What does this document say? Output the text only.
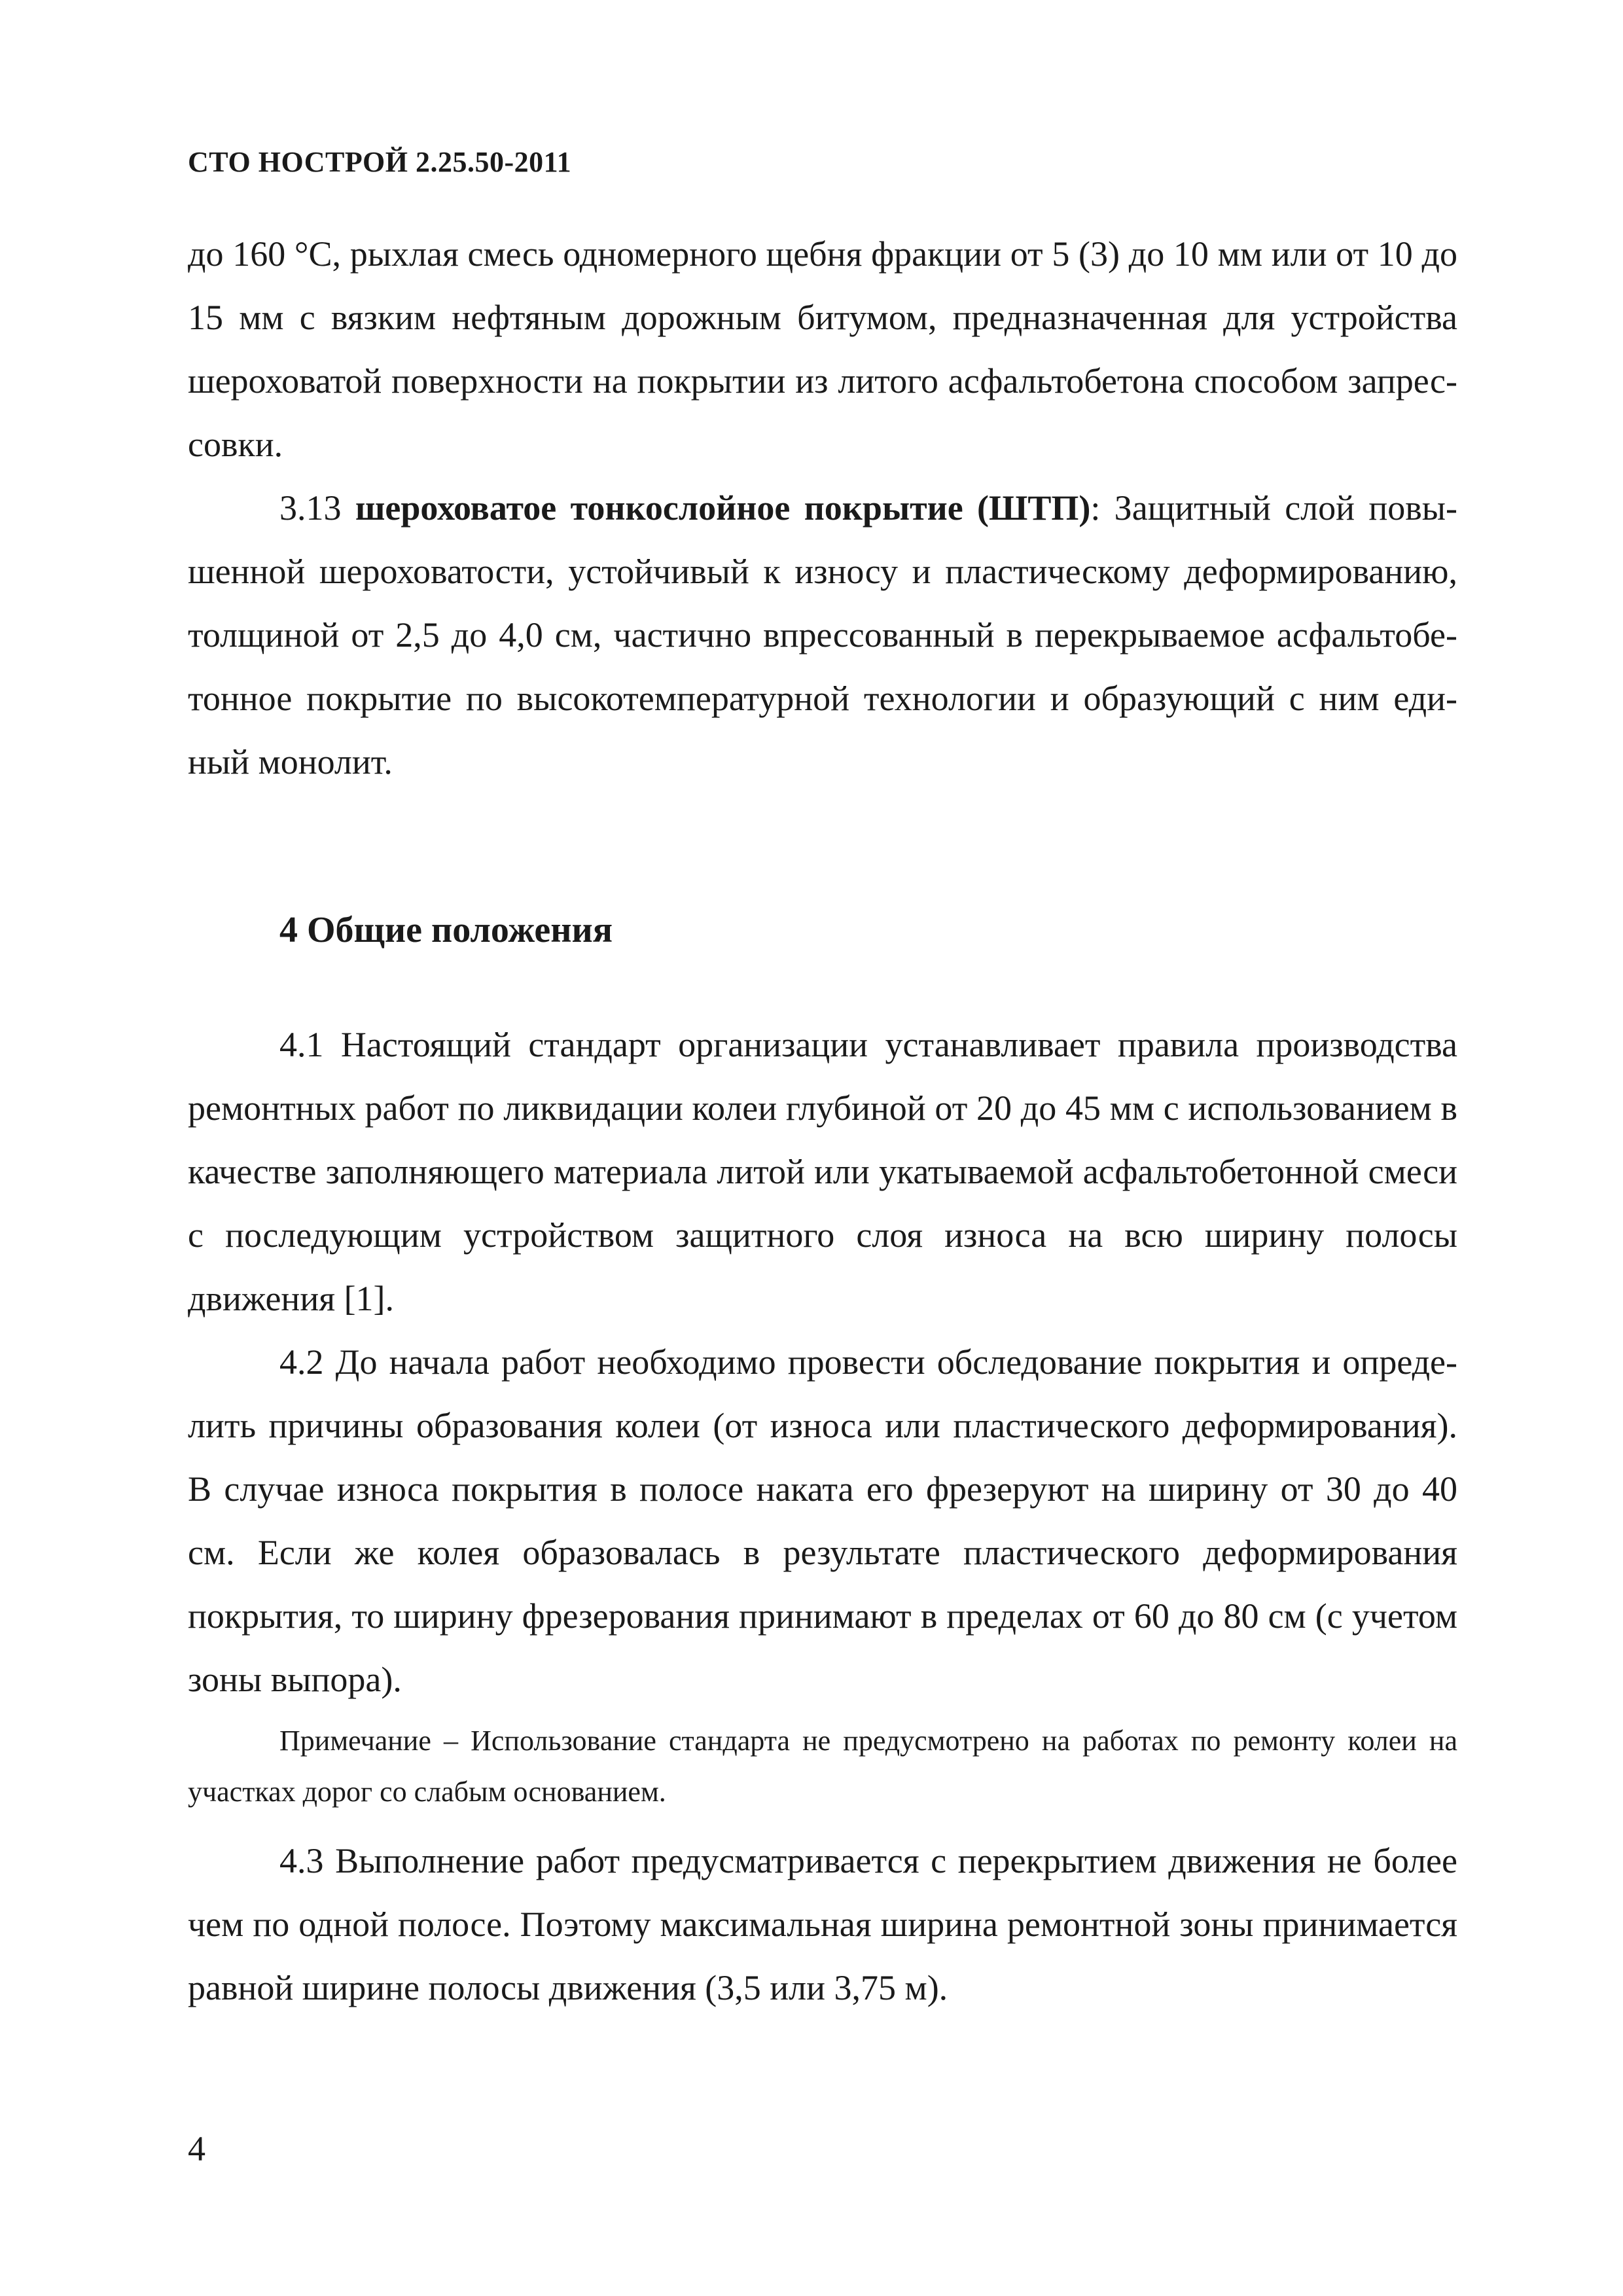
СТО НОСТРОЙ 2.25.50-2011

до 160 °С, рыхлая смесь одномерного щебня фракции от 5 (3) до 10 мм или от 10 до 15 мм с вязким нефтяным дорожным битумом, предназначенная для устройства шероховатой поверхности на покрытии из литого асфальтобетона способом запрессовки.

3.13 шероховатое тонкослойное покрытие (ШТП): Защитный слой повышенной шероховатости, устойчивый к износу и пластическому деформированию, толщиной от 2,5 до 4,0 см, частично впрессованный в перекрываемое асфальтобетонное покрытие по высокотемпературной технологии и образующий с ним единый монолит.

4 Общие положения

4.1 Настоящий стандарт организации устанавливает правила производства ремонтных работ по ликвидации колеи глубиной от 20 до 45 мм с использованием в качестве заполняющего материала литой или укатываемой асфальтобетонной смеси с последующим устройством защитного слоя износа на всю ширину полосы движения [1].

4.2 До начала работ необходимо провести обследование покрытия и определить причины образования колеи (от износа или пластического деформирования). В случае износа покрытия в полосе наката его фрезеруют на ширину от 30 до 40 см. Если же колея образовалась в результате пластического деформирования покрытия, то ширину фрезерования принимают в пределах от 60 до 80 см (с учетом зоны выпора).

Примечание – Использование стандарта не предусмотрено на работах по ремонту колеи на участках дорог со слабым основанием.

4.3 Выполнение работ предусматривается с перекрытием движения не более чем по одной полосе. Поэтому максимальная ширина ремонтной зоны принимается равной ширине полосы движения (3,5 или 3,75 м).

4
